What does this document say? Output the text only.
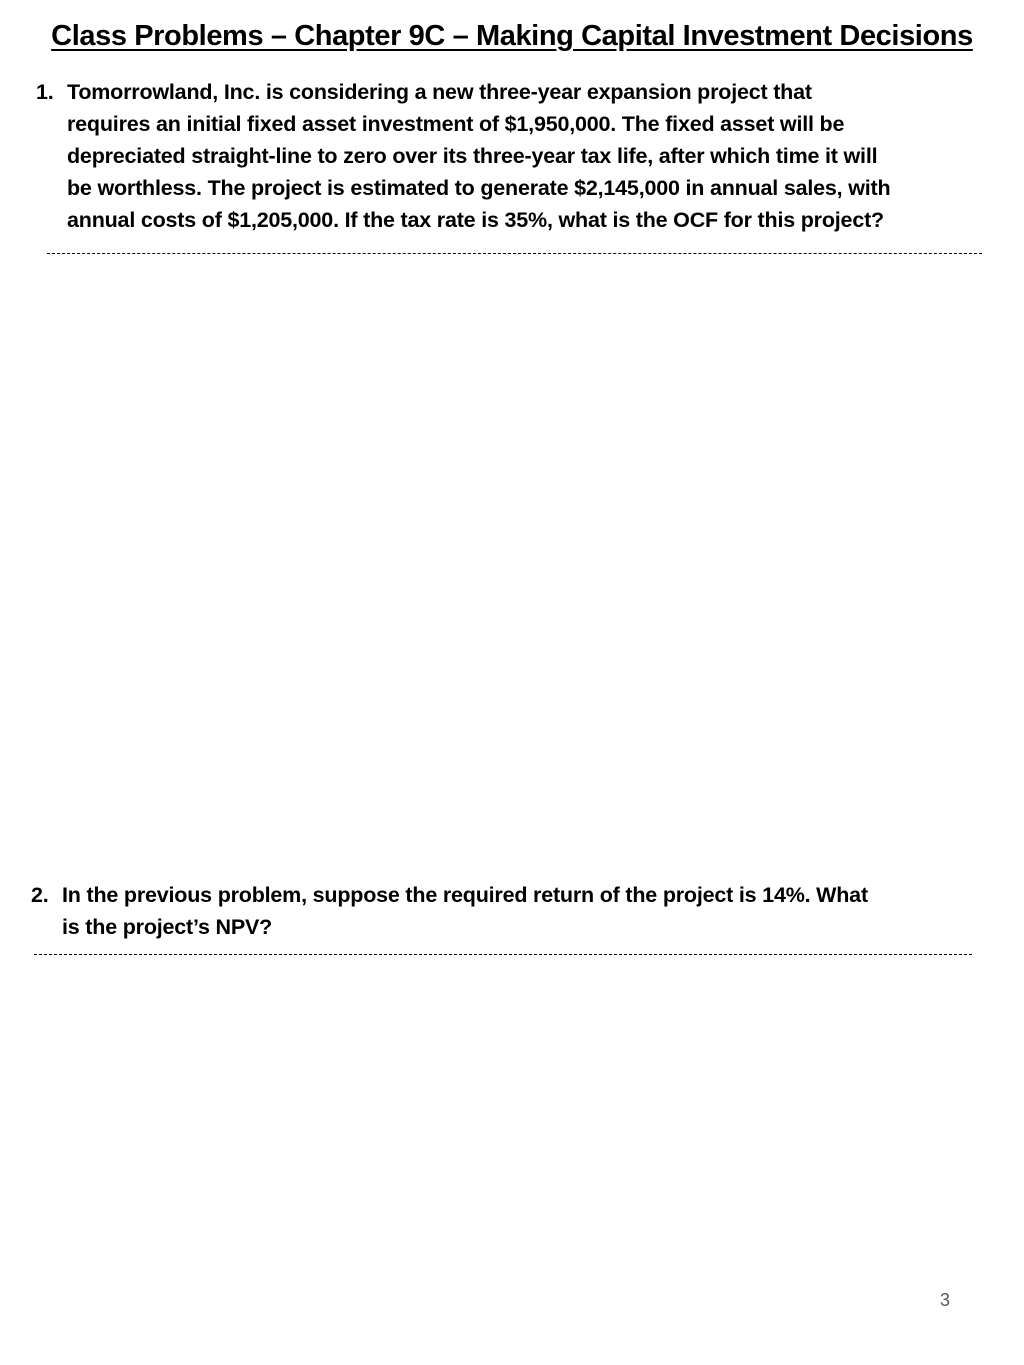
Class Problems – Chapter 9C – Making Capital Investment Decisions
1. Tomorrowland, Inc. is considering a new three-year expansion project that
requires an initial fixed asset investment of $1,950,000. The fixed asset will be
depreciated straight-line to zero over its three-year tax life, after which time it will
be worthless. The project is estimated to generate $2,145,000 in annual sales, with
annual costs of $1,205,000. If the tax rate is 35%, what is the OCF for this project?
2. In the previous problem, suppose the required return of the project is 14%. What
is the project’s NPV?
3
